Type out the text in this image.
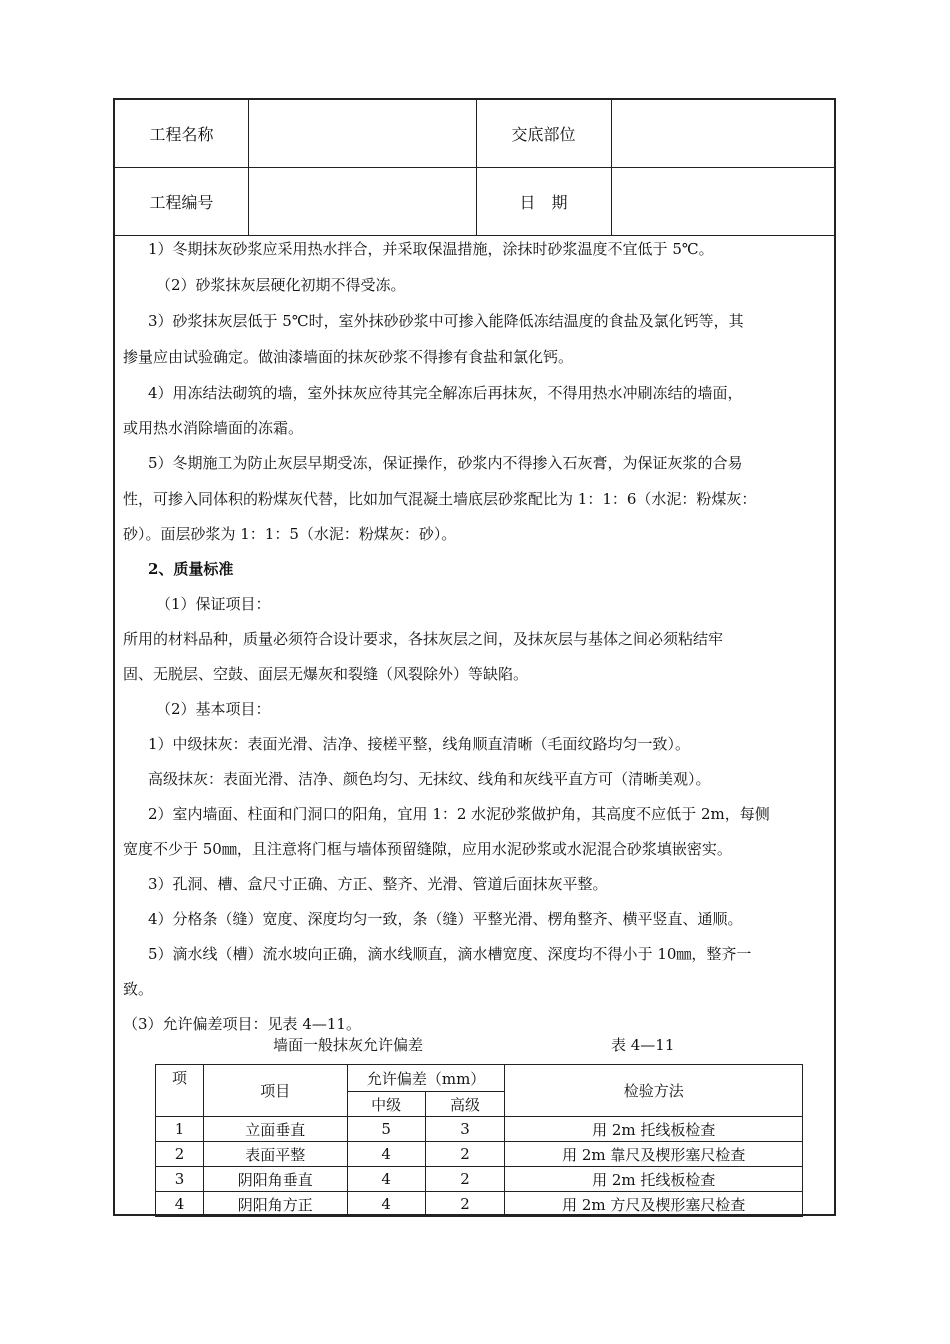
工程名称	交底部位
工程编号	日　期
1）冬期抹灰砂浆应采用热水拌合，并采取保温措施，涂抹时砂浆温度不宜低于 5℃。
（2）砂浆抹灰层硬化初期不得受冻。
3）砂浆抹灰层低于 5℃时，室外抹砂砂浆中可掺入能降低冻结温度的食盐及氯化钙等，其
掺量应由试验确定。做油漆墙面的抹灰砂浆不得掺有食盐和氯化钙。
4）用冻结法砌筑的墙，室外抹灰应待其完全解冻后再抹灰，不得用热水冲刷冻结的墙面，
或用热水消除墙面的冻霜。
5）冬期施工为防止灰层早期受冻，保证操作，砂浆内不得掺入石灰膏，为保证灰浆的合易
性，可掺入同体积的粉煤灰代替，比如加气混凝土墙底层砂浆配比为 1：1：6（水泥：粉煤灰：
砂）。面层砂浆为 1：1：5（水泥：粉煤灰：砂）。
2、质量标准
（1）保证项目：
所用的材料品种，质量必须符合设计要求，各抹灰层之间，及抹灰层与基体之间必须粘结牢
固、无脱层、空鼓、面层无爆灰和裂缝（风裂除外）等缺陷。
（2）基本项目：
1）中级抹灰：表面光滑、洁净、接槎平整，线角顺直清晰（毛面纹路均匀一致）。
高级抹灰：表面光滑、洁净、颜色均匀、无抹纹、线角和灰线平直方可（清晰美观）。
2）室内墙面、柱面和门洞口的阳角，宜用 1：2 水泥砂浆做护角，其高度不应低于 2m，每侧
宽度不少于 50㎜，且注意将门框与墙体预留缝隙，应用水泥砂浆或水泥混合砂浆填嵌密实。
3）孔洞、槽、盒尺寸正确、方正、整齐、光滑、管道后面抹灰平整。
4）分格条（缝）宽度、深度均匀一致，条（缝）平整光滑、楞角整齐、横平竖直、通顺。
5）滴水线（槽）流水坡向正确，滴水线顺直，滴水槽宽度、深度均不得小于 10㎜，整齐一
致。
（3）允许偏差项目：见表 4—11。
墙面一般抹灰允许偏差	表 4—11
项	项目	允许偏差（mm）		检验方法
		中级	高级	
1	立面垂直	5	3	用 2m 托线板检查
2	表面平整	4	2	用 2m 靠尺及楔形塞尺检查
3	阴阳角垂直	4	2	用 2m 托线板检查
4	阴阳角方正	4	2	用 2m 方尺及楔形塞尺检查
